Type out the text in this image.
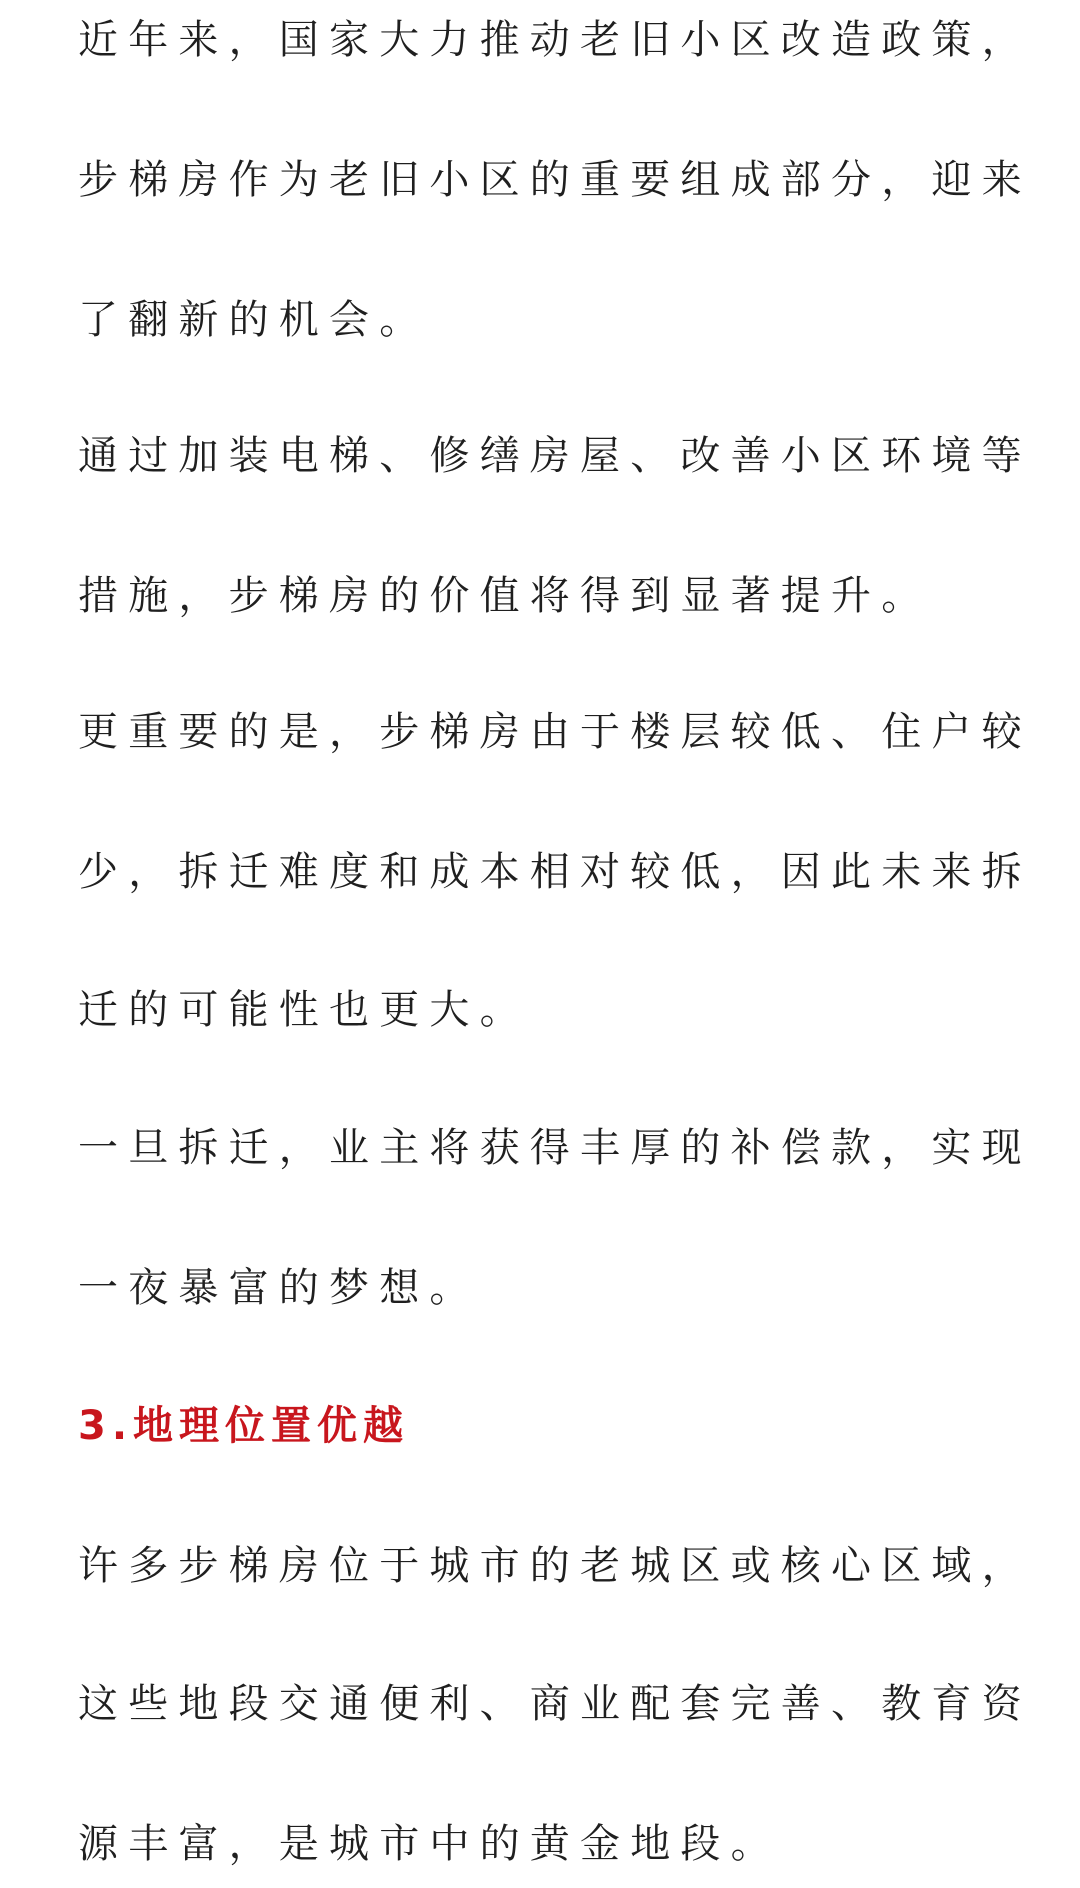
近年来，国家大力推动老旧小区改造政策，
步梯房作为老旧小区的重要组成部分，迎来
了翻新的机会。
通过加装电梯、修缮房屋、改善小区环境等
措施，步梯房的价值将得到显著提升。
更重要的是，步梯房由于楼层较低、住户较
少，拆迁难度和成本相对较低，因此未来拆
迁的可能性也更大。
一旦拆迁，业主将获得丰厚的补偿款，实现
一夜暴富的梦想。
3.地理位置优越
许多步梯房位于城市的老城区或核心区域，
这些地段交通便利、商业配套完善、教育资
源丰富，是城市中的黄金地段。
